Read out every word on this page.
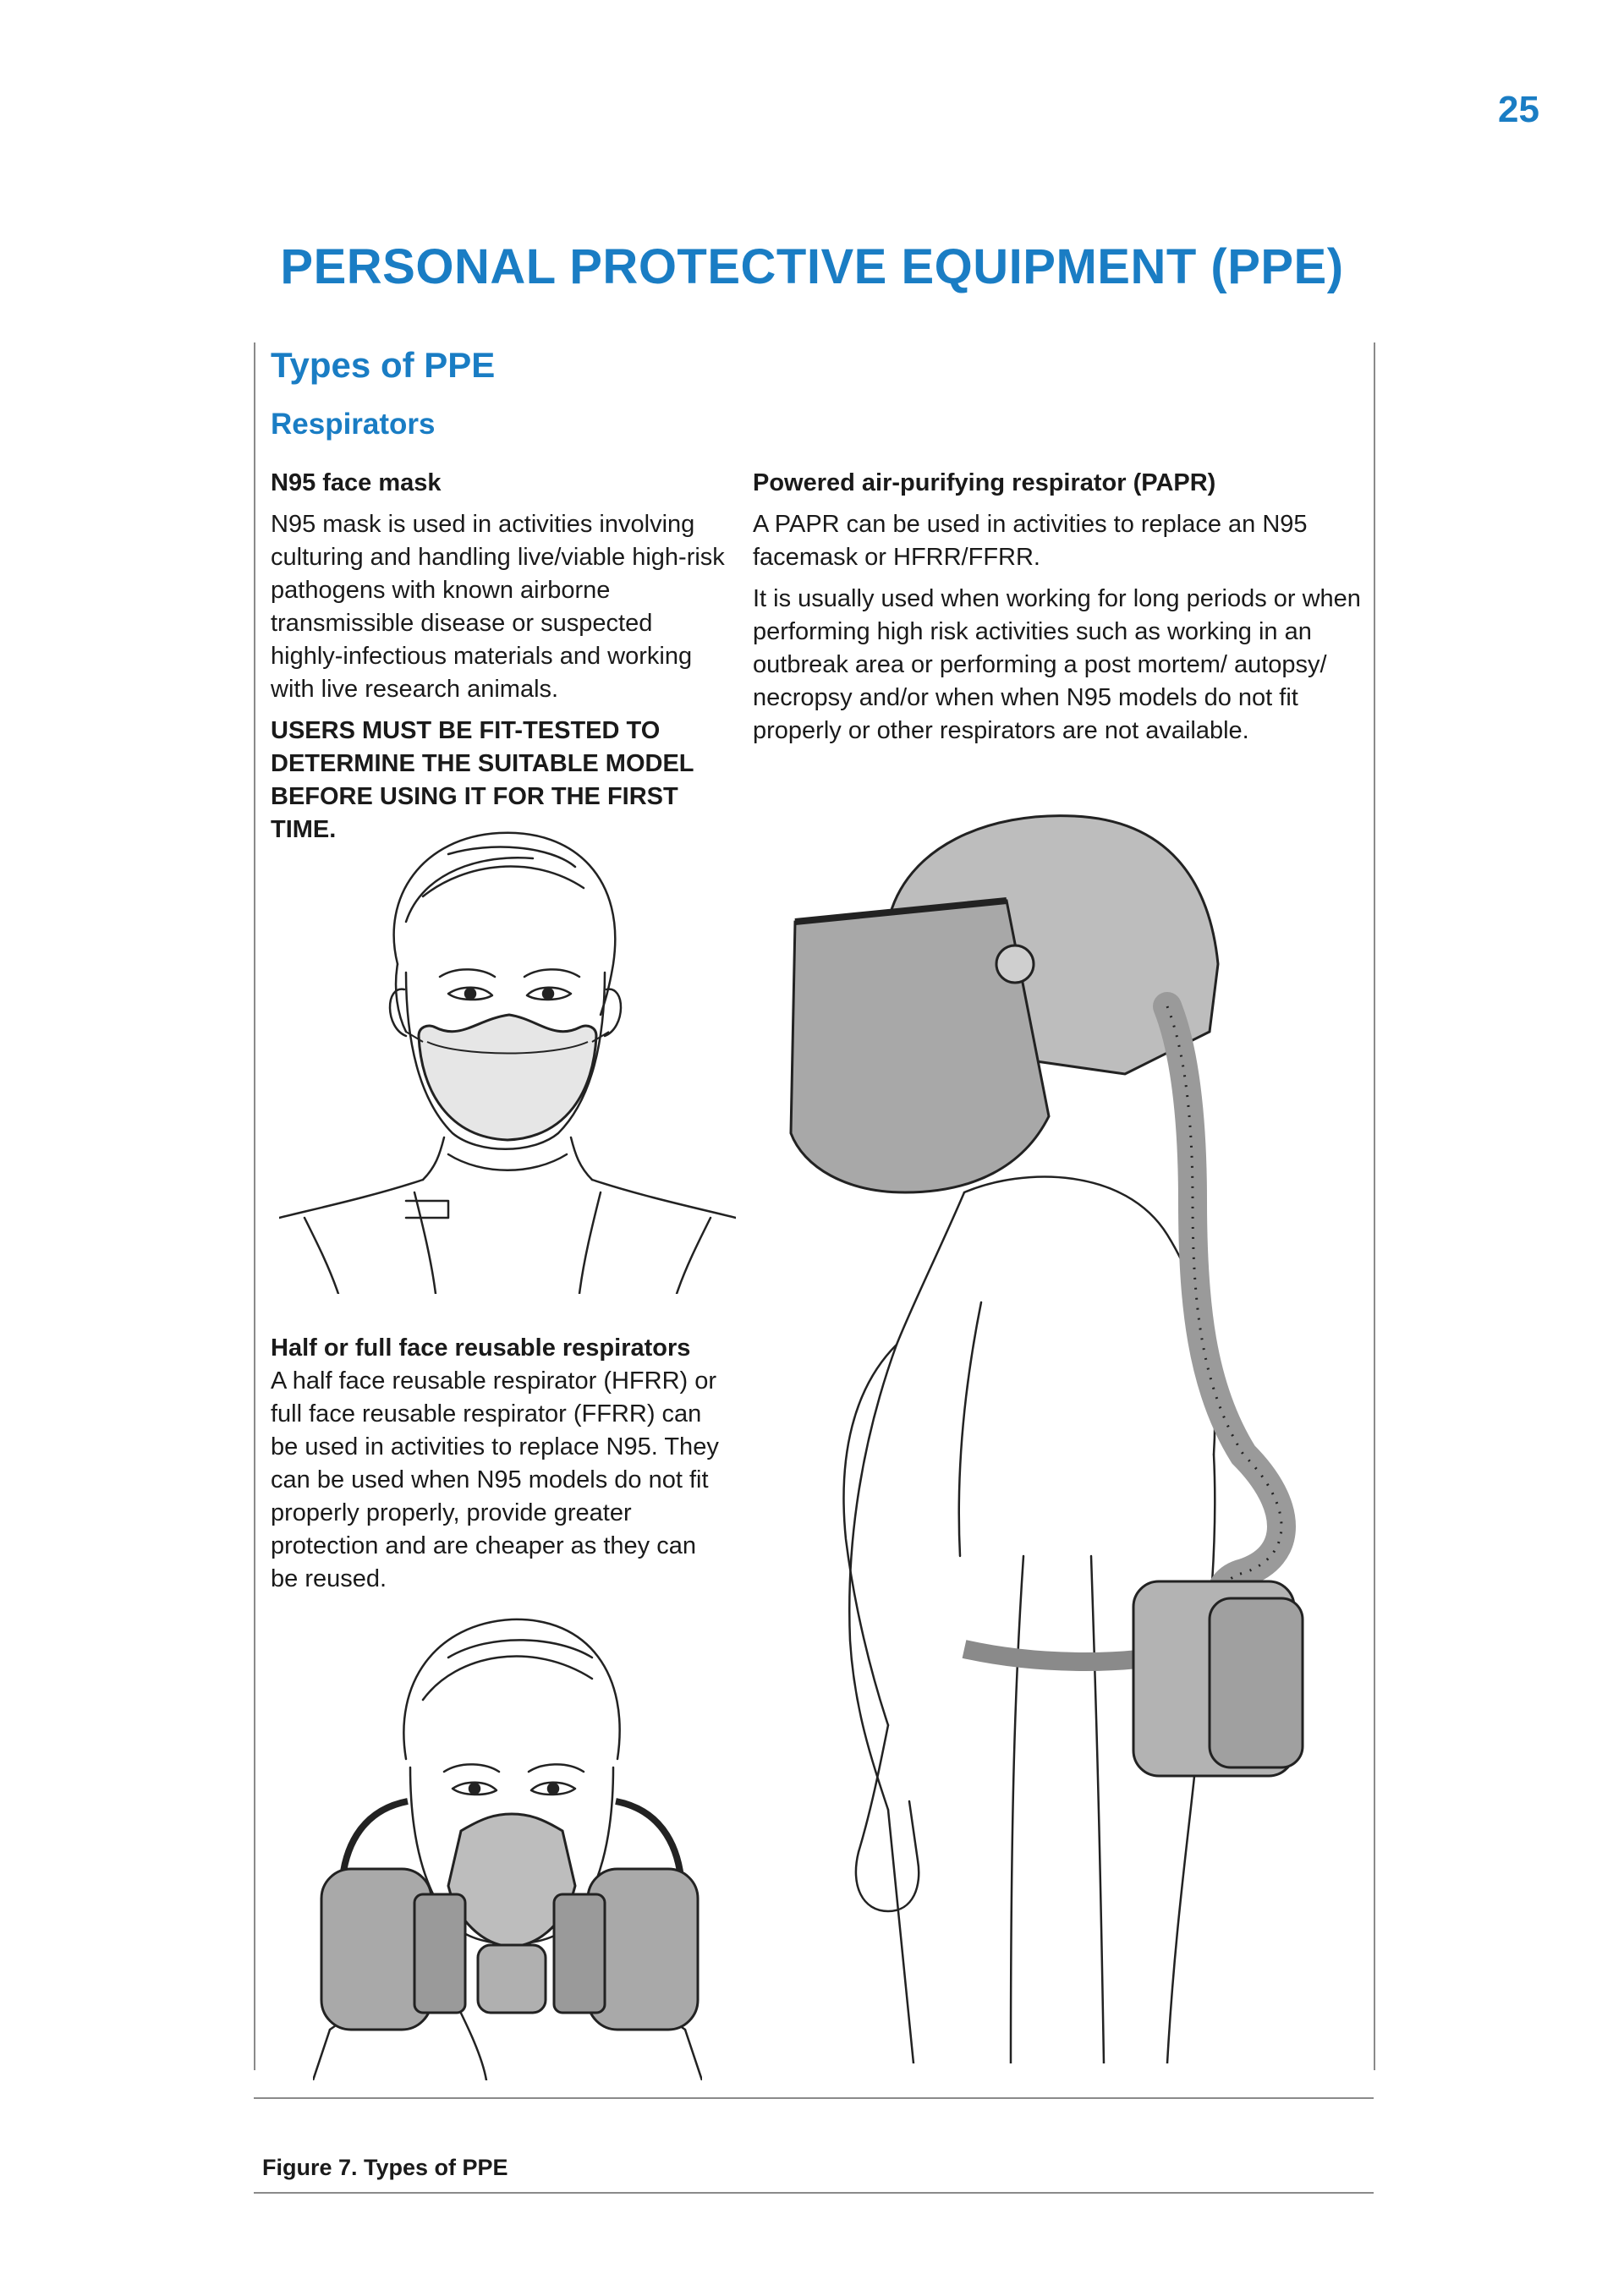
25
PERSONAL PROTECTIVE EQUIPMENT (PPE)
Types of PPE
Respirators
N95 face mask

N95 mask is used in activities involving culturing and handling live/viable high-risk pathogens with known airborne transmissible disease or suspected highly-infectious materials and working with live research animals.

USERS MUST BE FIT-TESTED TO DETERMINE THE SUITABLE MODEL BEFORE USING IT FOR THE FIRST TIME.

Powered air-purifying respirator (PAPR)

A PAPR can be used in activities to replace an N95 facemask or HFRR/FFRR.

It is usually used when working for long periods or when performing high risk activities such as working in an outbreak area or performing a post mortem/ autopsy/ necropsy and/or when when N95 models do not fit properly or other respirators are not available.

Half or full face reusable respirators

A half face reusable respirator (HFRR) or full face reusable respirator (FFRR) can be used in activities to replace N95. They can be used when N95 models do not fit properly properly, provide greater protection and are cheaper as they can be reused.

Figure 7. Types of PPE
